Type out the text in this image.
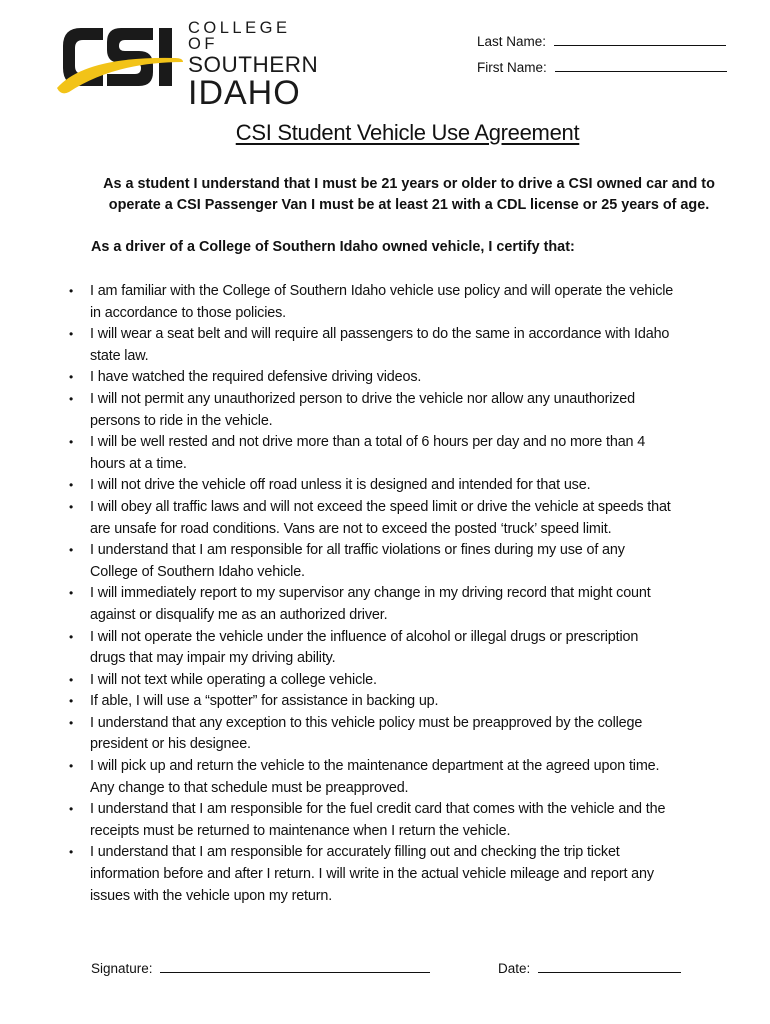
COLLEGE OF
SOUTHERN
IDAHO
Last Name:
First Name:
CSI Student Vehicle Use Agreement
As a student I understand that I must be 21 years or older to drive a CSI owned car and to operate a CSI Passenger Van I must be at least 21 with a CDL license or 25 years of age.
As a driver of a College of Southern Idaho owned vehicle, I certify that:
• I am familiar with the College of Southern Idaho vehicle use policy and will operate the vehicle
in accordance to those policies.
• I will wear a seat belt and will require all passengers to do the same in accordance with Idaho
state law.
• I have watched the required defensive driving videos.
• I will not permit any unauthorized person to drive the vehicle nor allow any unauthorized
persons to ride in the vehicle.
• I will be well rested and not drive more than a total of 6 hours per day and no more than 4
hours at a time.
• I will not drive the vehicle off road unless it is designed and intended for that use.
• I will obey all traffic laws and will not exceed the speed limit or drive the vehicle at speeds that
are unsafe for road conditions. Vans are not to exceed the posted ‘truck’ speed limit.
• I understand that I am responsible for all traffic violations or fines during my use of any
College of Southern Idaho vehicle.
• I will immediately report to my supervisor any change in my driving record that might count
against or disqualify me as an authorized driver.
• I will not operate the vehicle under the influence of alcohol or illegal drugs or prescription
drugs that may impair my driving ability.
• I will not text while operating a college vehicle.
• If able, I will use a “spotter” for assistance in backing up.
• I understand that any exception to this vehicle policy must be preapproved by the college
president or his designee.
• I will pick up and return the vehicle to the maintenance department at the agreed upon time.
Any change to that schedule must be preapproved.
• I understand that I am responsible for the fuel credit card that comes with the vehicle and the
receipts must be returned to maintenance when I return the vehicle.
• I understand that I am responsible for accurately filling out and checking the trip ticket
information before and after I return. I will write in the actual vehicle mileage and report any
issues with the vehicle upon my return.
Signature:	Date:
